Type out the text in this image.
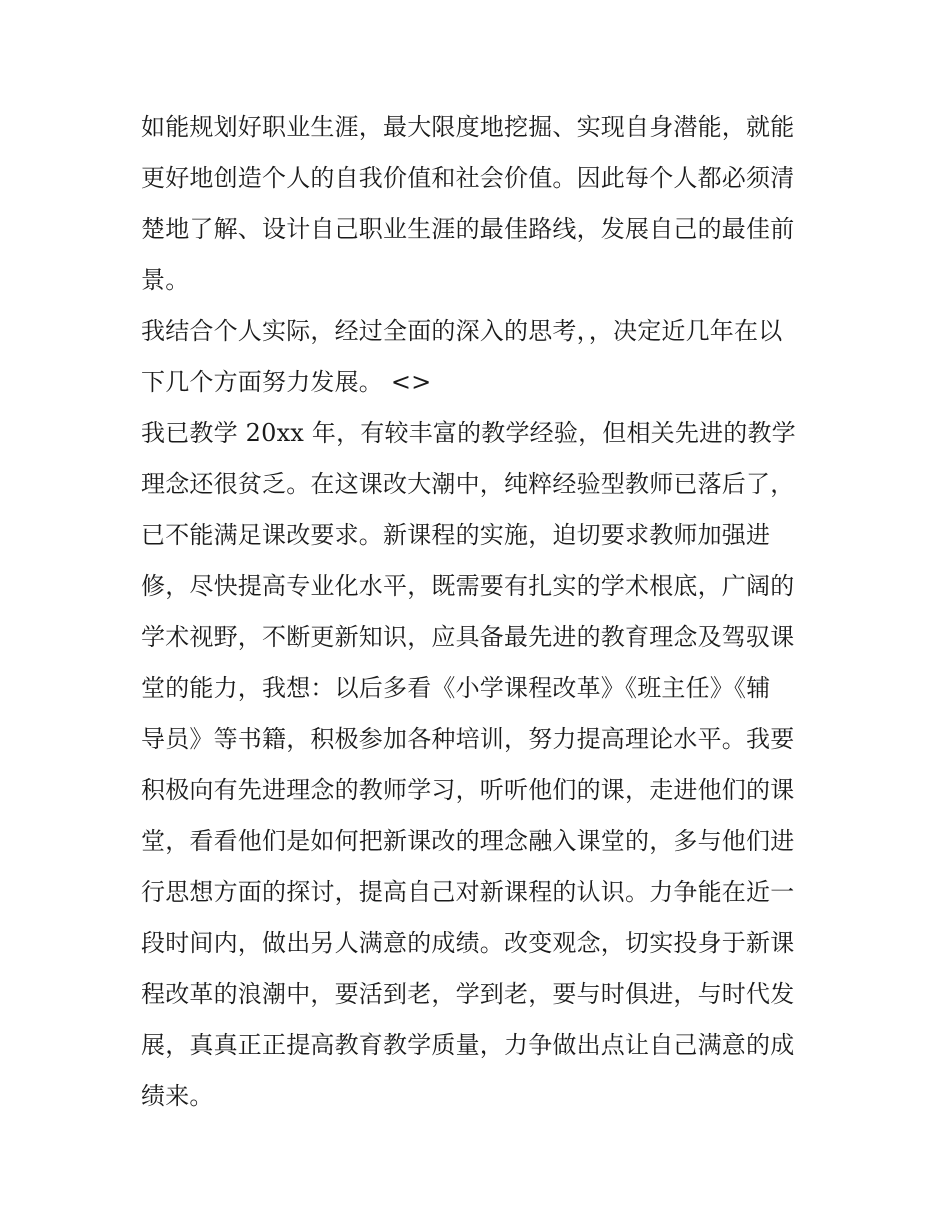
如能规划好职业生涯，最大限度地挖掘、实现自身潜能，就能
更好地创造个人的自我价值和社会价值。因此每个人都必须清
楚地了解、设计自己职业生涯的最佳路线，发展自己的最佳前
景。
我结合个人实际，经过全面的深入的思考，，决定近几年在以
下几个方面努力发展。 <>
我已教学 20xx 年，有较丰富的教学经验，但相关先进的教学
理念还很贫乏。在这课改大潮中，纯粹经验型教师已落后了，
已不能满足课改要求。新课程的实施，迫切要求教师加强进
修，尽快提高专业化水平，既需要有扎实的学术根底，广阔的
学术视野，不断更新知识，应具备最先进的教育理念及驾驭课
堂的能力，我想：以后多看《小学课程改革》《班主任》《辅
导员》等书籍，积极参加各种培训，努力提高理论水平。我要
积极向有先进理念的教师学习，听听他们的课，走进他们的课
堂，看看他们是如何把新课改的理念融入课堂的，多与他们进
行思想方面的探讨，提高自己对新课程的认识。力争能在近一
段时间内，做出另人满意的成绩。改变观念，切实投身于新课
程改革的浪潮中，要活到老，学到老，要与时俱进，与时代发
展，真真正正提高教育教学质量，力争做出点让自己满意的成
绩来。
